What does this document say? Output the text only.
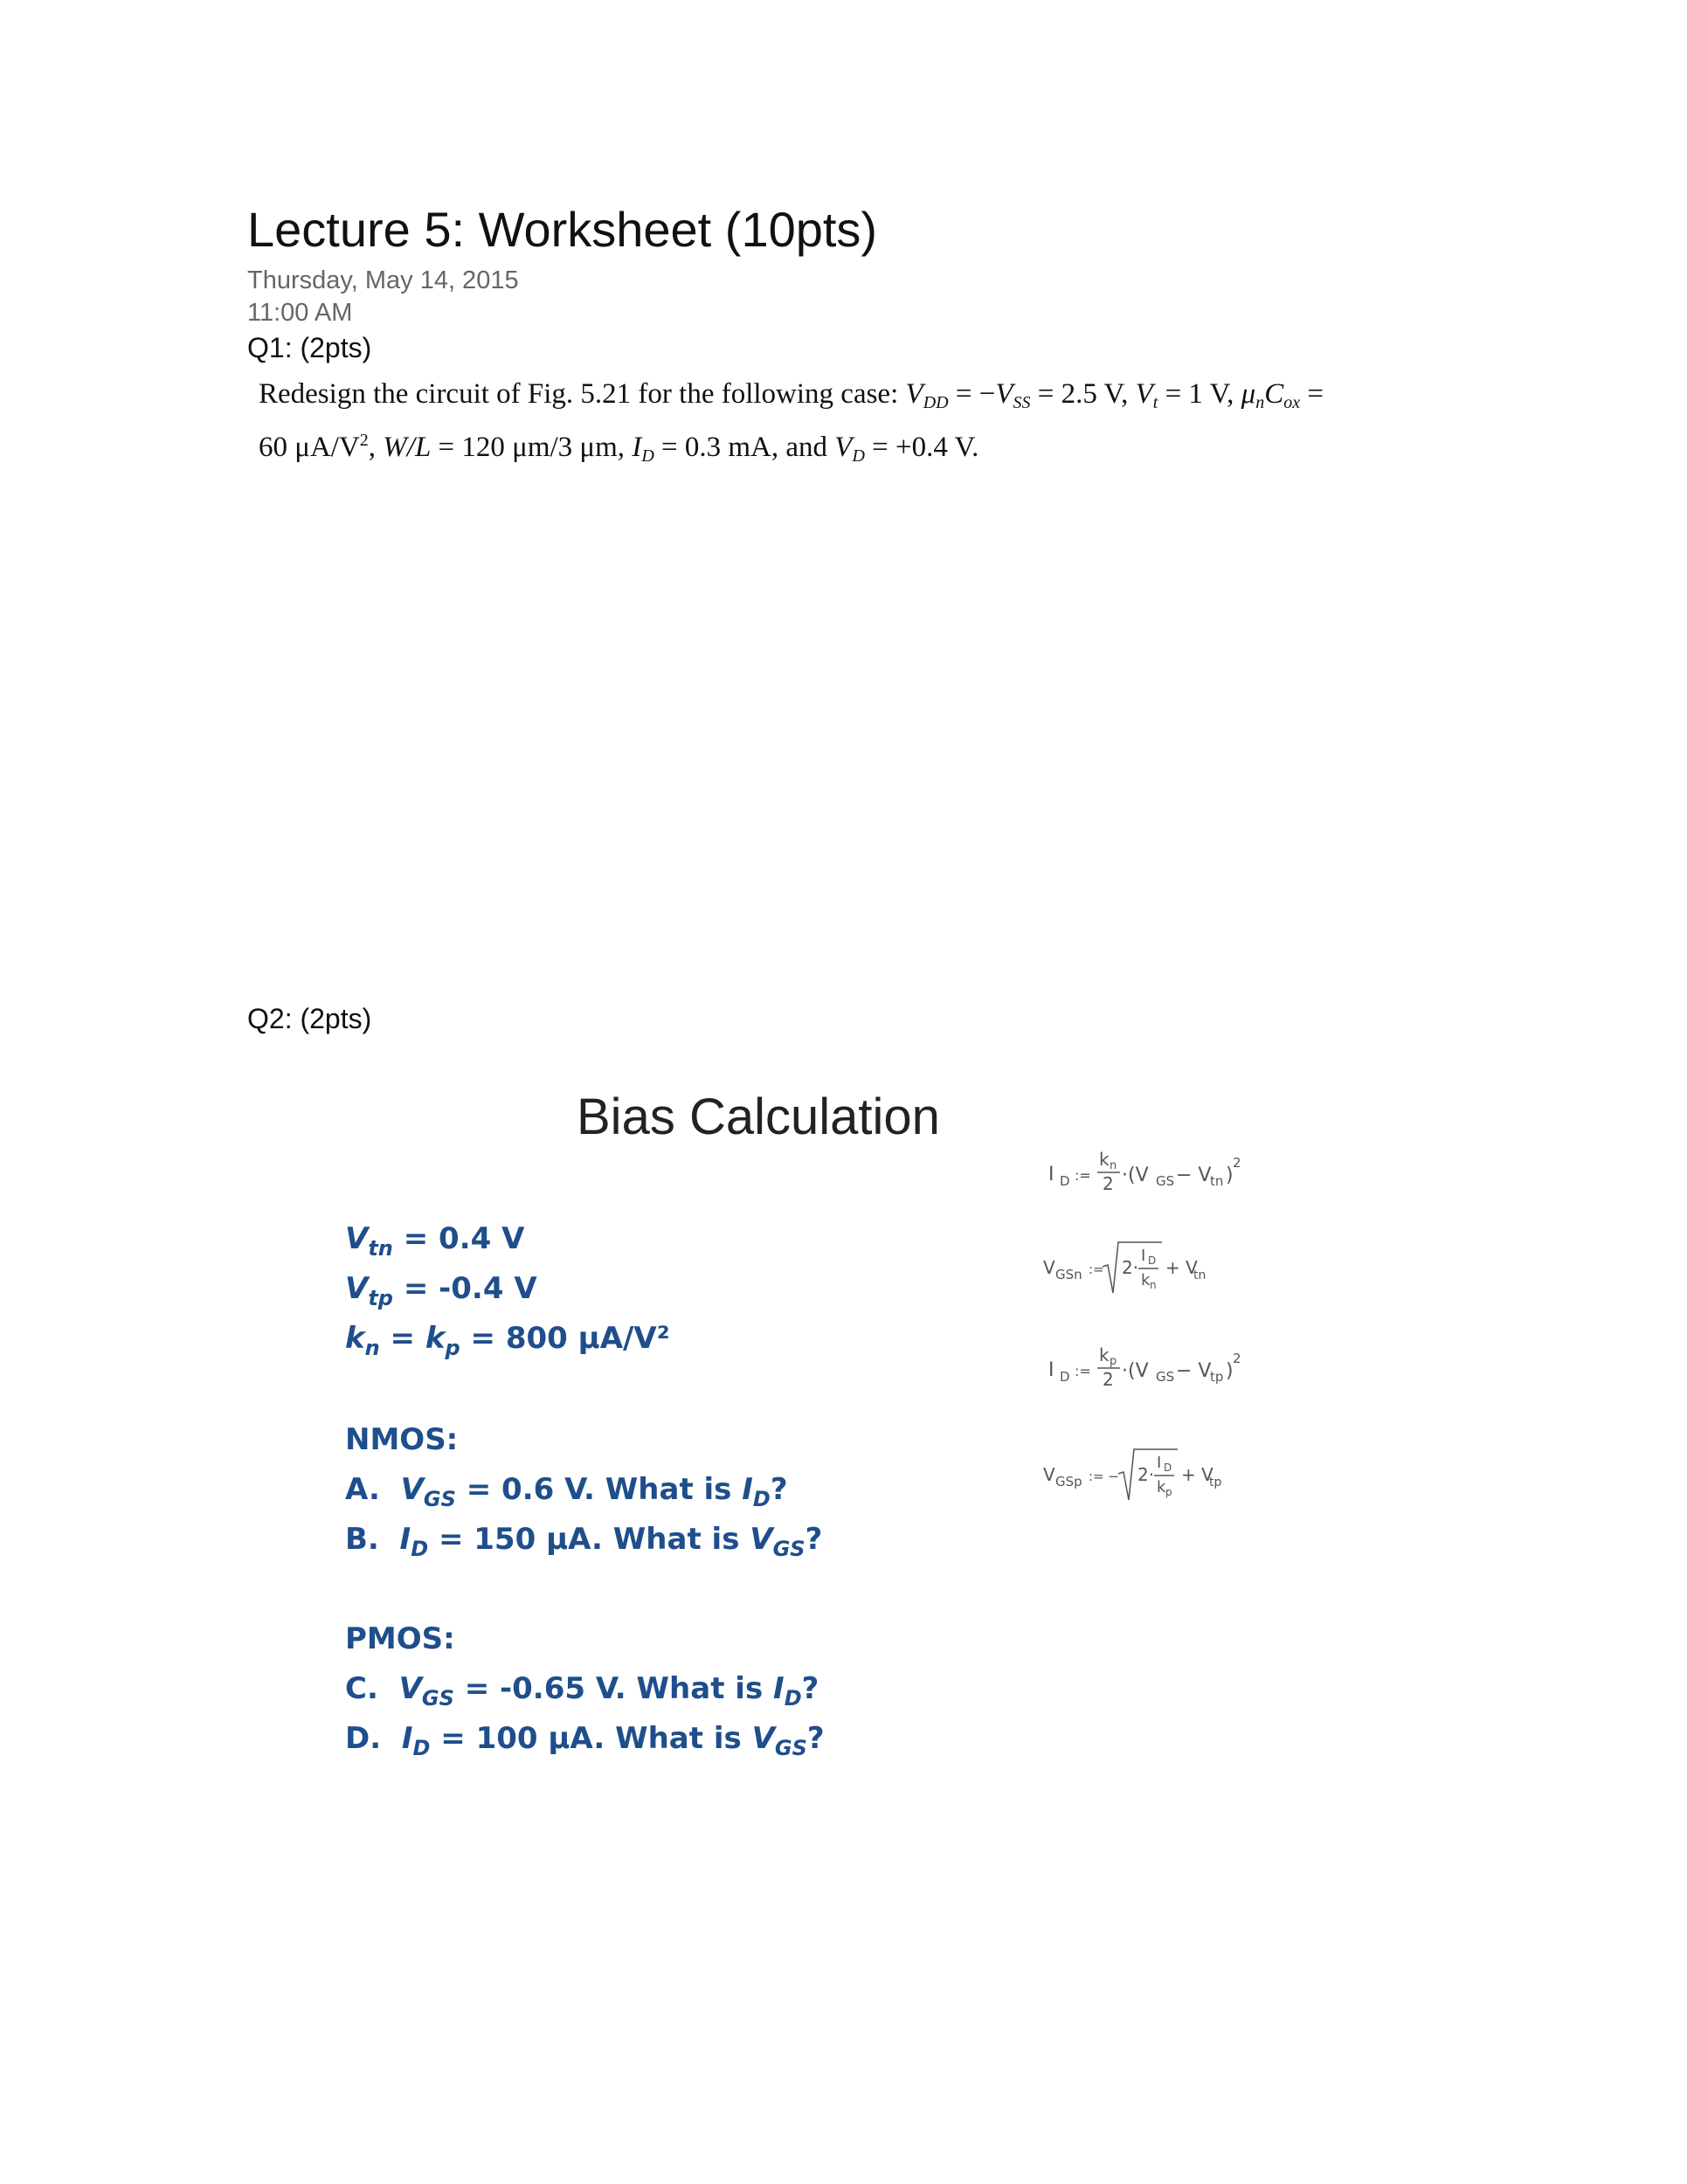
Lecture 5: Worksheet (10pts)
Thursday, May 14, 2015
11:00 AM
Q1: (2pts)
Redesign the circuit of Fig. 5.21 for the following case: $V_{DD} = -V_{SS} = 2.5$ V, $V_t = 1$ V, $\mu_nC_{ox}$ =
60 $\mu A/V^2$, W/L = 120 μm/3 μm, $I_D = 0.3$ mA, and $V_D = +0.4$ V.
Q2: (2pts)
Bias Calculation
$V_{tn} = 0.4$ V
$V_{tp} = -0.4$ V
$k_n = k_p = 800$ μA/V²
NMOS:
A. $V_{GS} = 0.6$ V. What is $I_D$?
B. $I_D = 150$ μA. What is $V_{GS}$?
PMOS:
C. $V_{GS} = -0.65$ V. What is $I_D$?
D. $I_D = 100$ μA. What is $V_{GS}$?
I D :=
k n
2 ·(V GS − V
tn )
2
V GSn := 2·
I D
k n
+ V
tn
I D :=
k p
2 ·(V GS − V
tp )
2
V GSp := − 2·
I D
k p
+ V
tp
